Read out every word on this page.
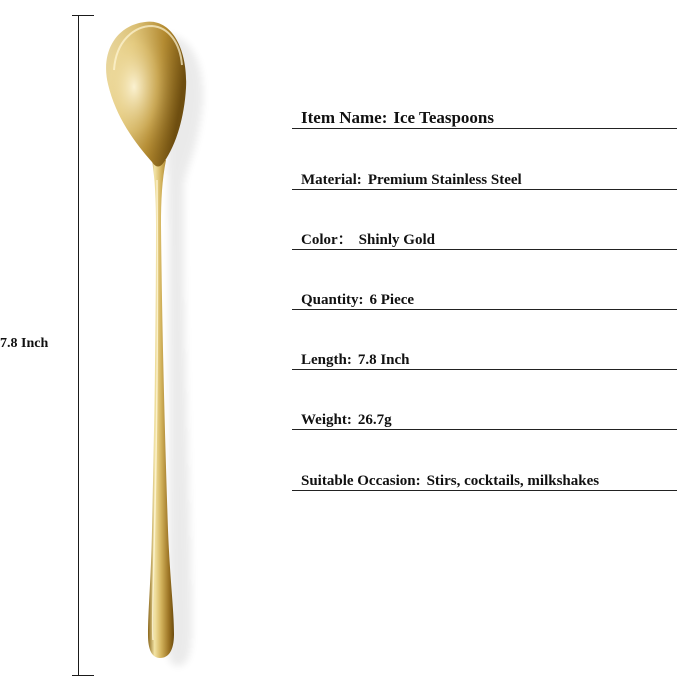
7.8 Inch
Item Name: Ice Teaspoons
Material: Premium Stainless Steel
Color： Shinly Gold
Quantity: 6 Piece
Length: 7.8 Inch
Weight: 26.7g
Suitable Occasion: Stirs, cocktails, milkshakes
